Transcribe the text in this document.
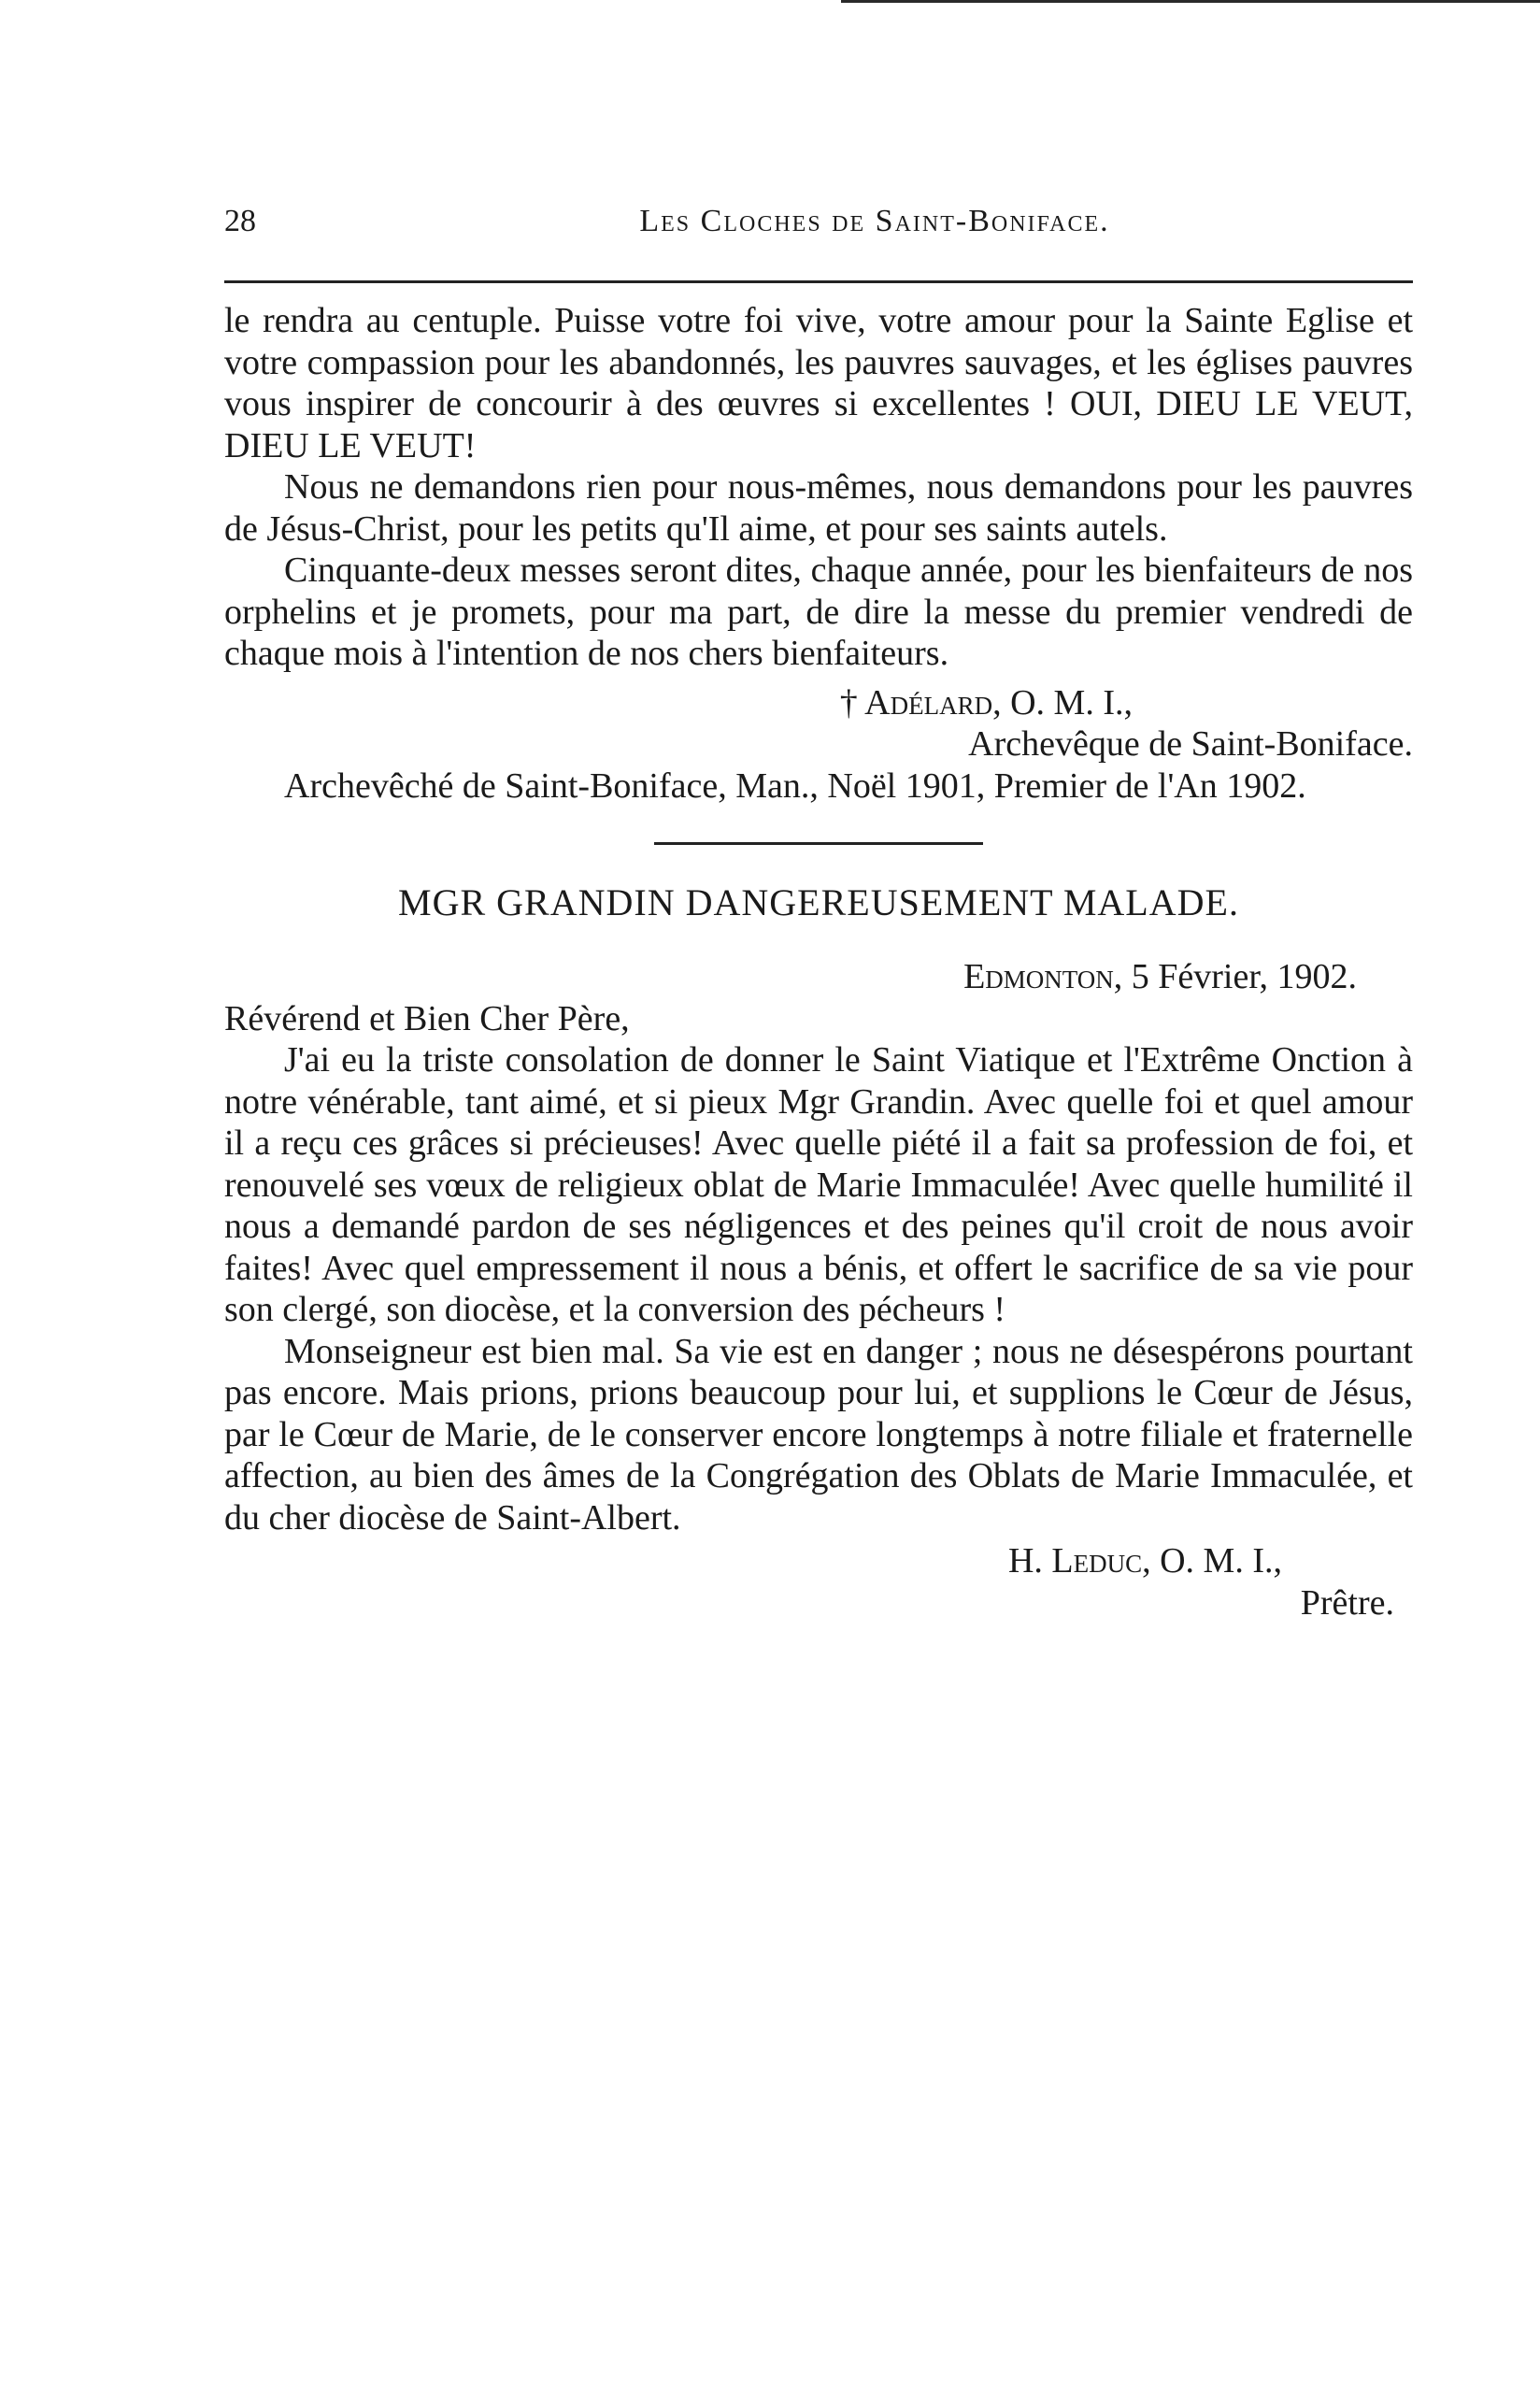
28	Les Cloches de Saint-Boniface.

le rendra au centuple. Puisse votre foi vive, votre amour pour la Sainte Eglise et votre compassion pour les abandonnés, les pauvres sauvages, et les églises pauvres vous inspirer de concourir à des œuvres si excellentes ! OUI, DIEU LE VEUT, DIEU LE VEUT!

Nous ne demandons rien pour nous-mêmes, nous demandons pour les pauvres de Jésus-Christ, pour les petits qu'Il aime, et pour ses saints autels.

Cinquante-deux messes seront dites, chaque année, pour les bienfaiteurs de nos orphelins et je promets, pour ma part, de dire la messe du premier vendredi de chaque mois à l'intention de nos chers bienfaiteurs.

† Adélard, O. M. I.,
Archevêque de Saint-Boniface.

Archevêché de Saint-Boniface, Man., Noël 1901, Premier de l'An 1902.

MGR GRANDIN DANGEREUSEMENT MALADE.
Edmonton, 5 Février, 1902.

Révérend et Bien Cher Père,

J'ai eu la triste consolation de donner le Saint Viatique et l'Extrême Onction à notre vénérable, tant aimé, et si pieux Mgr Grandin. Avec quelle foi et quel amour il a reçu ces grâces si précieuses! Avec quelle piété il a fait sa profession de foi, et renouvelé ses vœux de religieux oblat de Marie Immaculée! Avec quelle humilité il nous a demandé pardon de ses négligences et des peines qu'il croit de nous avoir faites! Avec quel empressement il nous a bénis, et offert le sacrifice de sa vie pour son clergé, son diocèse, et la conversion des pécheurs !

Monseigneur est bien mal. Sa vie est en danger ; nous ne désespérons pourtant pas encore. Mais prions, prions beaucoup pour lui, et supplions le Cœur de Jésus, par le Cœur de Marie, de le conserver encore longtemps à notre filiale et fraternelle affection, au bien des âmes de la Congrégation des Oblats de Marie Immaculée, et du cher diocèse de Saint-Albert.

H. Leduc, O. M. I.,
Prêtre.
